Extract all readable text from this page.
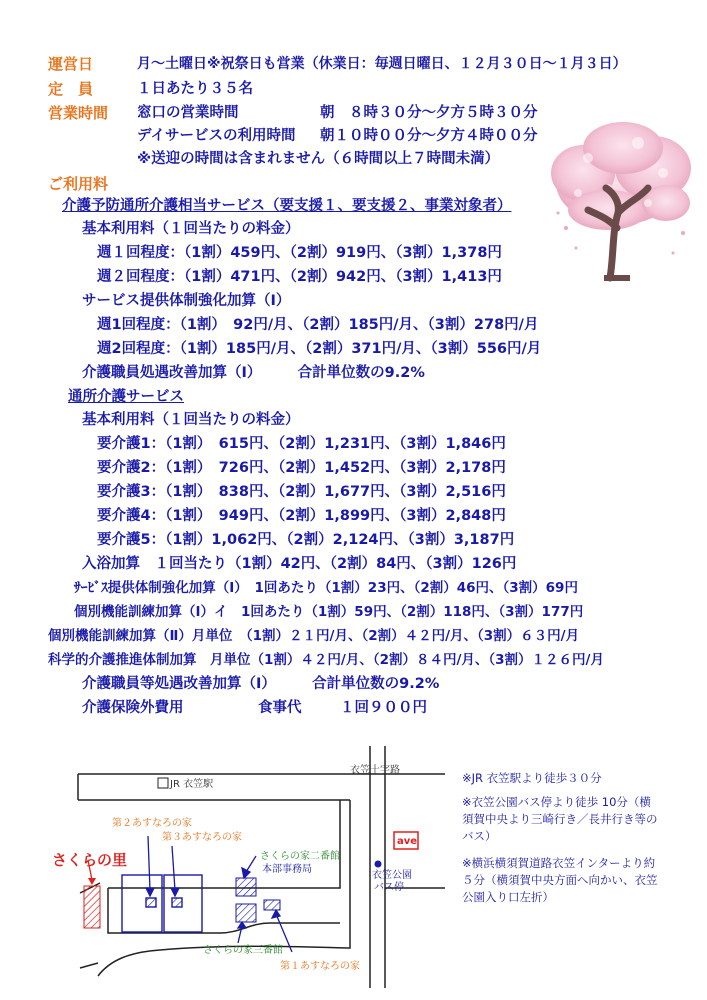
運営日	月～土曜日※祝祭日も営業（休業日：毎週日曜日、１２月３０日～１月３日）
定　員	１日あたり３５名
営業時間 窓口の営業時間	朝　８時３０分～夕方５時３０分
デイサービスの利用時間 朝１０時００分～夕方４時００分
※送迎の時間は含まれません（６時間以上７時間未満）
ご利用料
介護予防通所介護相当サービス（要支援１、要支援２、事業対象者）
基本利用料（１回当たりの料金）
週１回程度：（1割）459円、（2割）919円、（3割）1,378円
週２回程度：（1割）471円、（2割）942円、（3割）1,413円
サービス提供体制強化加算（Ⅰ）
週1回程度：（1割）　92円/月、（2割）185円/月、（3割）278円/月
週2回程度：（1割）185円/月、（2割）371円/月、（3割）556円/月
介護職員処遇改善加算（Ⅰ）　　　合計単位数の9.2%
通所介護サービス
基本利用料（１回当たりの料金）
要介護1：（1割）　615円、（2割）1,231円、（3割）1,846円
要介護2：（1割）　726円、（2割）1,452円、（3割）2,178円
要介護3：（1割）　838円、（2割）1,677円、（3割）2,516円
要介護4：（1割）　949円、（2割）1,899円、（3割）2,848円
要介護5：（1割）1,062円、（2割）2,124円、（3割）3,187円
入浴加算　１回当たり（1割）42円、（2割）84円、（3割）126円
ｻｰﾋﾞｽ提供体制強化加算（Ⅰ）　1回あたり（1割）23円、（2割）46円、（3割）69円
個別機能訓練加算（Ⅰ）イ　1回あたり（1割）59円、（2割）118円、（3割）177円
個別機能訓練加算（Ⅱ）月単位　（1割）２１円/月、（2割）４２円/月、（3割）６３円/月
科学的介護推進体制加算　月単位（1割）４２円/月、（2割）８４円/月、（3割）１２６円/月
介護職員等処遇改善加算（Ⅰ）　　　合計単位数の9.2%
介護保険外費用	食事代	１回９００円
JR 衣笠駅
衣笠十字路
第２あすなろの家
第３あすなろの家
さくらの里	さくらの家二番館
本部事務局
衣笠公園
バス停
ave
さくらの家三番館
第１あすなろの家
※JR 衣笠駅より徒歩３０分
※衣笠公園バス停より徒歩 10分（横須賀中央より三崎行き／長井行き等のバス）
※横浜横須賀道路衣笠インターより約５分（横須賀中央方面へ向かい、衣笠公園入り口左折）
